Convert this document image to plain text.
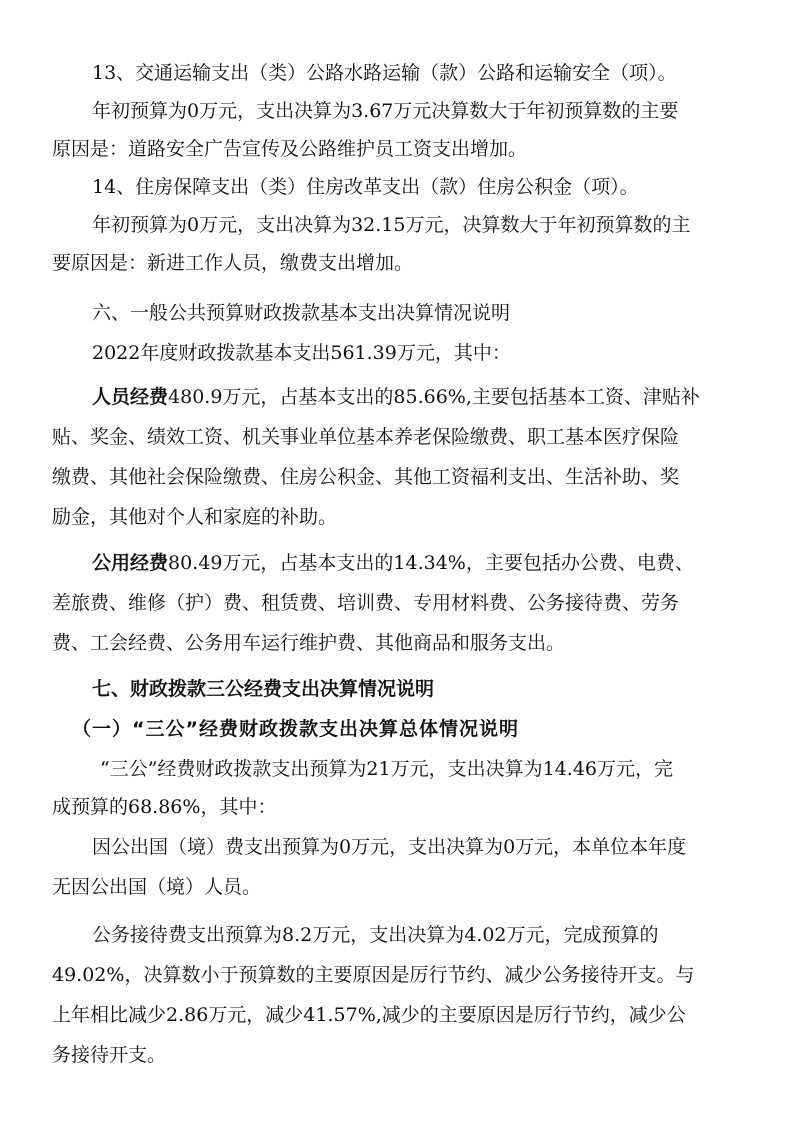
13、交通运输支出（类）公路水路运输（款）公路和运输安全（项）。
年初预算为0万元，支出决算为3.67万元决算数大于年初预算数的主要
原因是：道路安全广告宣传及公路维护员工资支出增加。
14、住房保障支出（类）住房改革支出（款）住房公积金（项）。
年初预算为0万元，支出决算为32.15万元，决算数大于年初预算数的主
要原因是：新进工作人员，缴费支出增加。
六、一般公共预算财政拨款基本支出决算情况说明
2022年度财政拨款基本支出561.39万元，其中：
人员经费480.9万元，占基本支出的85.66%,主要包括基本工资、津贴补
贴、奖金、绩效工资、机关事业单位基本养老保险缴费、职工基本医疗保险
缴费、其他社会保险缴费、住房公积金、其他工资福利支出、生活补助、奖
励金，其他对个人和家庭的补助。
公用经费80.49万元，占基本支出的14.34%，主要包括办公费、电费、
差旅费、维修（护）费、租赁费、培训费、专用材料费、公务接待费、劳务
费、工会经费、公务用车运行维护费、其他商品和服务支出。
七、财政拨款三公经费支出决算情况说明
（一）“三公”经费财政拨款支出决算总体情况说明
“三公”经费财政拨款支出预算为21万元，支出决算为14.46万元，完
成预算的68.86%，其中：
因公出国（境）费支出预算为0万元，支出决算为0万元，本单位本年度
无因公出国（境）人员。
公务接待费支出预算为8.2万元，支出决算为4.02万元，完成预算的
49.02%，决算数小于预算数的主要原因是厉行节约、减少公务接待开支。与
上年相比减少2.86万元，减少41.57%,减少的主要原因是厉行节约，减少公
务接待开支。
